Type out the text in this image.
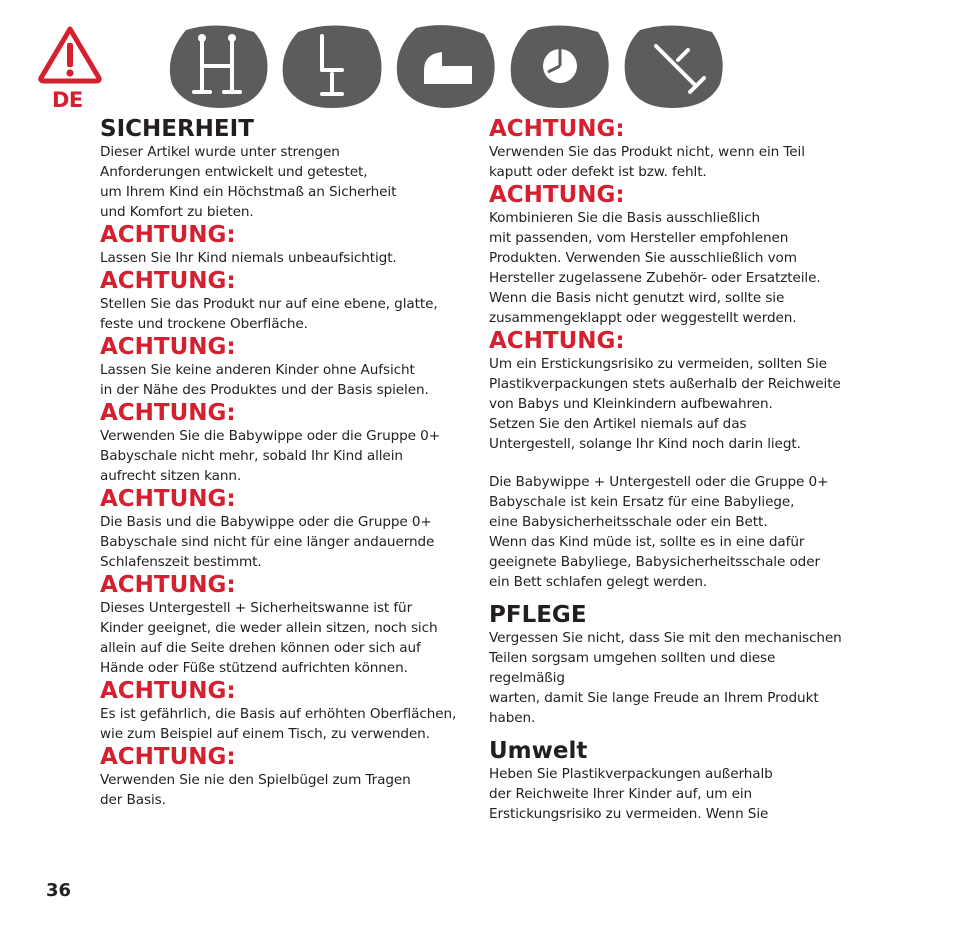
DE
SICHERHEIT
Dieser Artikel wurde unter strengen
Anforderungen entwickelt und getestet,
um Ihrem Kind ein Höchstmaß an Sicherheit
und Komfort zu bieten.
ACHTUNG:
Lassen Sie Ihr Kind niemals unbeaufsichtigt.
ACHTUNG:
Stellen Sie das Produkt nur auf eine ebene, glatte,
feste und trockene Oberfläche.
ACHTUNG:
Lassen Sie keine anderen Kinder ohne Aufsicht
in der Nähe des Produktes und der Basis spielen.
ACHTUNG:
Verwenden Sie die Babywippe oder die Gruppe 0+
Babyschale nicht mehr, sobald Ihr Kind allein
aufrecht sitzen kann.
ACHTUNG:
Die Basis und die Babywippe oder die Gruppe 0+
Babyschale sind nicht für eine länger andauernde
Schlafenszeit bestimmt.
ACHTUNG:
Dieses Untergestell + Sicherheitswanne ist für
Kinder geeignet, die weder allein sitzen, noch sich
allein auf die Seite drehen können oder sich auf
Hände oder Füße stützend aufrichten können.
ACHTUNG:
Es ist gefährlich, die Basis auf erhöhten Oberflächen,
wie zum Beispiel auf einem Tisch, zu verwenden.
ACHTUNG:
Verwenden Sie nie den Spielbügel zum Tragen
der Basis.
ACHTUNG:
Verwenden Sie das Produkt nicht, wenn ein Teil
kaputt oder defekt ist bzw. fehlt.
ACHTUNG:
Kombinieren Sie die Basis ausschließlich
mit passenden, vom Hersteller empfohlenen
Produkten. Verwenden Sie ausschließlich vom
Hersteller zugelassene Zubehör- oder Ersatzteile.
Wenn die Basis nicht genutzt wird, sollte sie
zusammengeklappt oder weggestellt werden.
ACHTUNG:
Um ein Erstickungsrisiko zu vermeiden, sollten Sie
Plastikverpackungen stets außerhalb der Reichweite
von Babys und Kleinkindern aufbewahren.
Setzen Sie den Artikel niemals auf das
Untergestell, solange Ihr Kind noch darin liegt.
Die Babywippe + Untergestell oder die Gruppe 0+
Babyschale ist kein Ersatz für eine Babyliege,
eine Babysicherheitsschale oder ein Bett.
Wenn das Kind müde ist, sollte es in eine dafür
geeignete Babyliege, Babysicherheitsschale oder
ein Bett schlafen gelegt werden.
PFLEGE
Vergessen Sie nicht, dass Sie mit den mechanischen
Teilen sorgsam umgehen sollten und diese regelmäßig
warten, damit Sie lange Freude an Ihrem Produkt
haben.
Umwelt
Heben Sie Plastikverpackungen außerhalb
der Reichweite Ihrer Kinder auf, um ein
Erstickungsrisiko zu vermeiden. Wenn Sie
36
